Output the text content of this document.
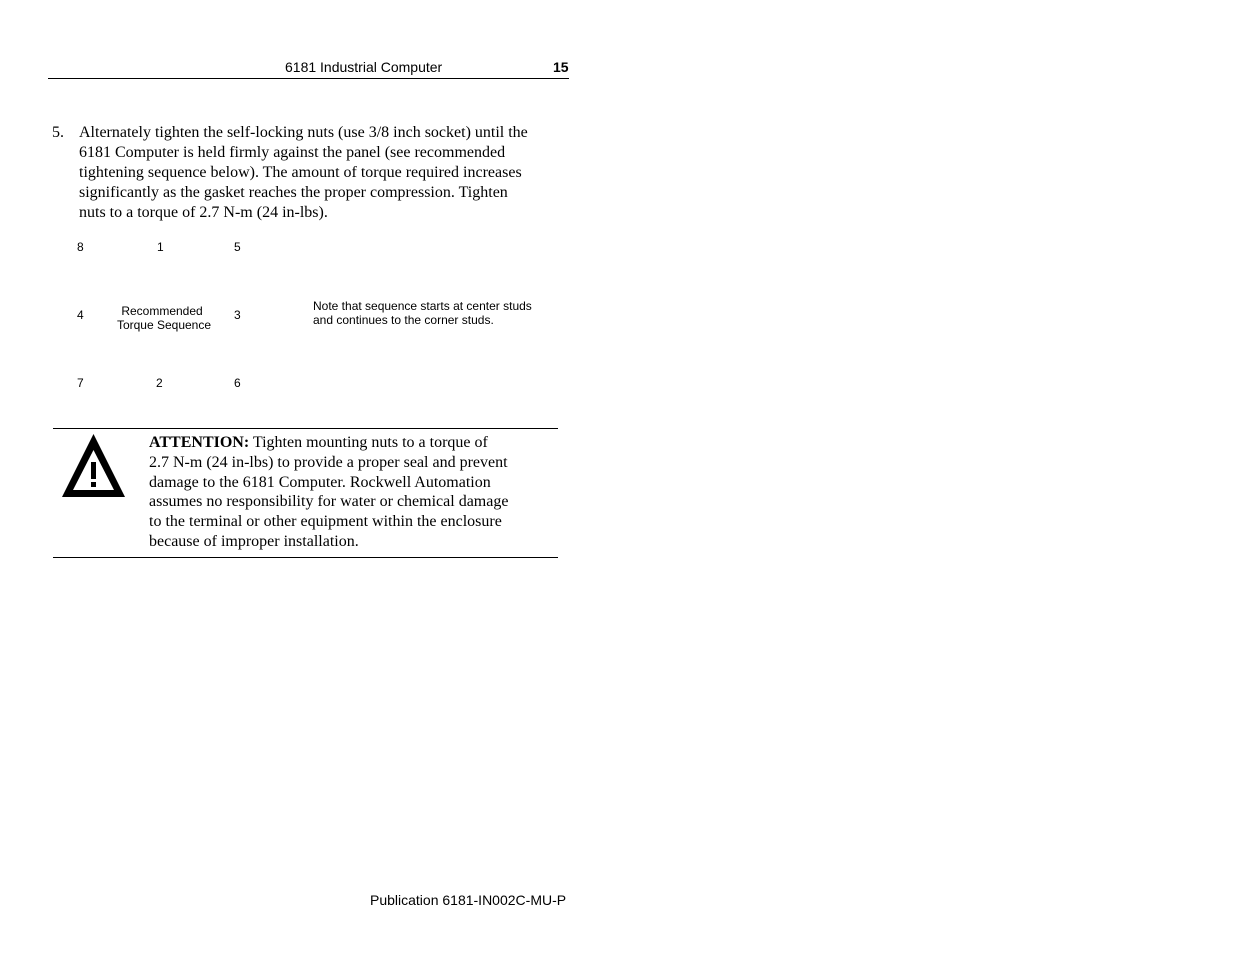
6181 Industrial Computer	15
5. Alternately tighten the self-locking nuts (use 3/8 inch socket) until the
6181 Computer is held firmly against the panel (see recommended
tightening sequence below). The amount of torque required increases
significantly as the gasket reaches the proper compression. Tighten
nuts to a torque of 2.7 N-m (24 in-lbs).
8	1	5
4	Recommended
Torque Sequence
3
7	2	6
Note that sequence starts at center studs
and continues to the corner studs.
ATTENTION: Tighten mounting nuts to a torque of
2.7 N-m (24 in-lbs) to provide a proper seal and prevent
damage to the 6181 Computer. Rockwell Automation
assumes no responsibility for water or chemical damage
to the terminal or other equipment within the enclosure
because of improper installation.
Publication 6181-IN002C-MU-P
